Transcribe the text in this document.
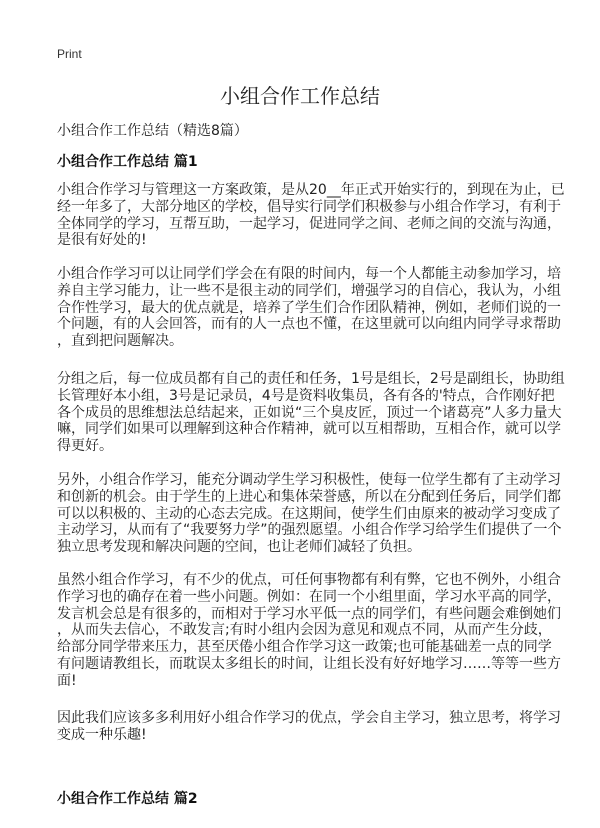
Print
小组合作工作总结
小组合作工作总结（精选8篇）
小组合作工作总结 篇1
小组合作学习与管理这一方案政策，是从20__年正式开始实行的，到现在为止，已
经一年多了，大部分地区的学校，倡导实行同学们积极参与小组合作学习，有利于
全体同学的学习，互帮互助，一起学习，促进同学之间、老师之间的交流与沟通，
是很有好处的!
小组合作学习可以让同学们学会在有限的时间内，每一个人都能主动参加学习，培
养自主学习能力，让一些不是很主动的同学们，增强学习的自信心，我认为，小组
合作性学习，最大的优点就是，培养了学生们合作团队精神，例如，老师们说的一
个问题，有的人会回答，而有的人一点也不懂，在这里就可以向组内同学寻求帮助
，直到把问题解决。
分组之后，每一位成员都有自己的责任和任务，1号是组长，2号是副组长，协助组
长管理好本小组，3号是记录员，4号是资料收集员，各有各的'特点，合作刚好把
各个成员的思维想法总结起来，正如说“三个臭皮匠，顶过一个诸葛亮”人多力量大
嘛，同学们如果可以理解到这种合作精神，就可以互相帮助，互相合作，就可以学
得更好。
另外，小组合作学习，能充分调动学生学习积极性，使每一位学生都有了主动学习
和创新的机会。由于学生的上进心和集体荣誉感，所以在分配到任务后，同学们都
可以以积极的、主动的心态去完成。在这期间，使学生们由原来的被动学习变成了
主动学习，从而有了“我要努力学”的强烈愿望。小组合作学习给学生们提供了一个
独立思考发现和解决问题的空间，也让老师们减轻了负担。
虽然小组合作学习，有不少的优点，可任何事物都有利有弊，它也不例外，小组合
作学习也的确存在着一些小问题。例如：在同一个小组里面，学习水平高的同学，
发言机会总是有很多的，而相对于学习水平低一点的同学们，有些问题会难倒她们
，从而失去信心，不敢发言;有时小组内会因为意见和观点不同，从而产生分歧，
给部分同学带来压力，甚至厌倦小组合作学习这一政策;也可能基础差一点的同学
有问题请教组长，而耽误太多组长的时间，让组长没有好好地学习……等等一些方
面!
因此我们应该多多利用好小组合作学习的优点，学会自主学习，独立思考，将学习
变成一种乐趣!
小组合作工作总结 篇2
